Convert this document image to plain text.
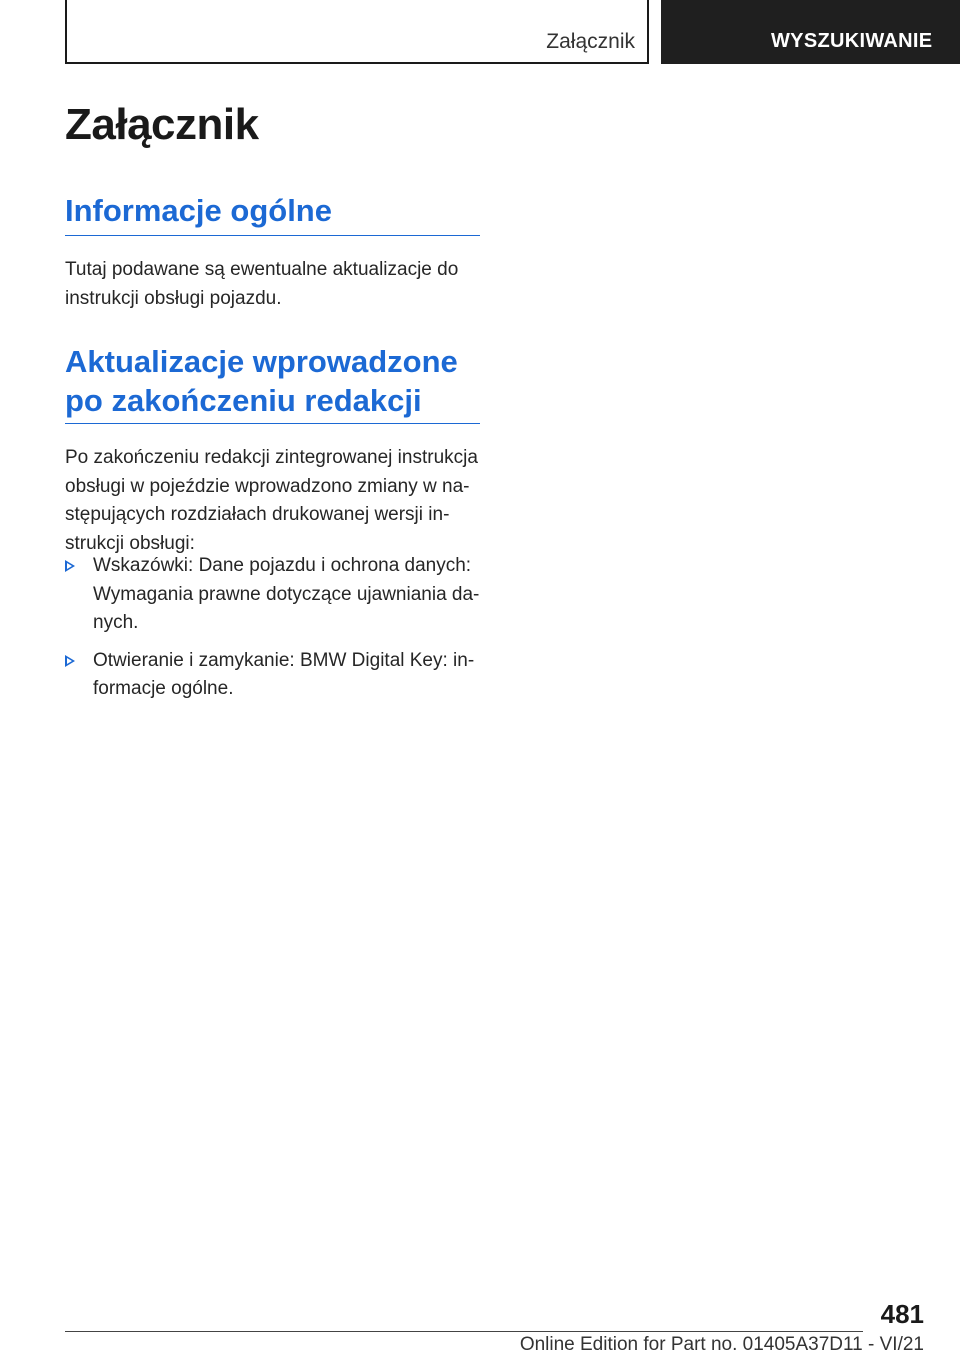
Załącznik	WYSZUKIWANIE
Załącznik
Informacje ogólne

Tutaj podawane są ewentualne aktualizacje do instrukcji obsługi pojazdu.

Aktualizacje wprowadzone po zakończeniu redakcji

Po zakończeniu redakcji zintegrowanej instrukcja obsługi w pojeździe wprowadzono zmiany w następujących rozdziałach drukowanej wersji instrukcji obsługi:

Wskazówki: Dane pojazdu i ochrona danych: Wymagania prawne dotyczące ujawniania danych.
Otwieranie i zamykanie: BMW Digital Key: informacje ogólne.
481
Online Edition for Part no. 01405A37D11 - VI/21
